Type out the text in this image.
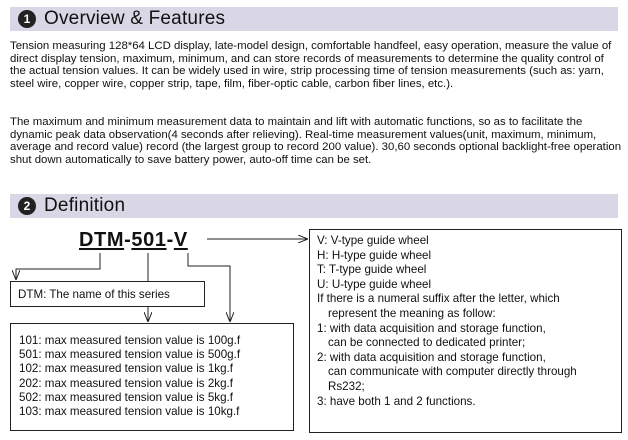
1 Overview & Features

Tension measuring 128*64 LCD display, late-model design, comfortable handfeel, easy operation, measure the value of direct display tension, maximum, minimum, and can store records of measurements to determine the quality control of the actual tension values. It can be widely used in wire, strip processing time of tension measurements (such as: yarn, steel wire, copper wire, copper strip, tape, film, fiber-optic cable, carbon fiber lines, etc.).

The maximum and minimum measurement data to maintain and lift with automatic functions, so as to facilitate the dynamic peak data observation(4 seconds after relieving). Real-time measurement values(unit, maximum, minimum, average and record value) record (the largest group to record 200 value). 30,60 seconds optional backlight-free operation shut down automatically to save battery power, auto-off time can be set.

2 Definition
DTM-501-V
DTM: The name of this series
101: max measured tension value is 100g.f
501: max measured tension value is 500g.f
102: max measured tension value is 1kg.f
202: max measured tension value is 2kg.f
502: max measured tension value is 5kg.f
103: max measured tension value is 10kg.f
V: V-type guide wheel
H: H-type guide wheel
T: T-type guide wheel
U: U-type guide wheel
If there is a numeral suffix after the letter, which
represent the meaning as follow:
1: with data acquisition and storage function,
can be connected to dedicated printer;
2: with data acquisition and storage function,
can communicate with computer directly through
Rs232;
3: have both 1 and 2 functions.
